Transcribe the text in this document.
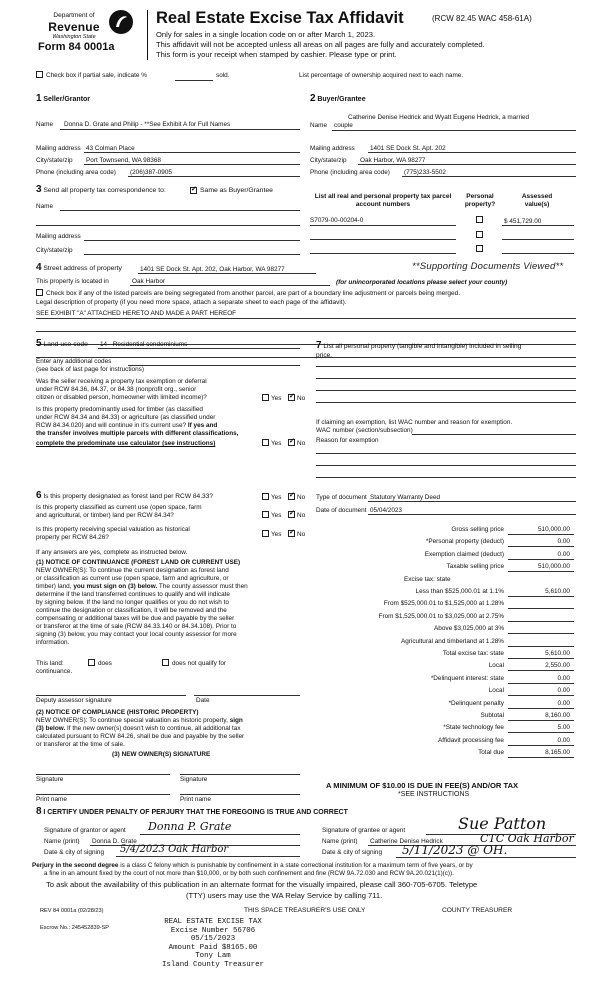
Department of
Revenue
Washington State
Form 84 0001a
Real Estate Excise Tax Affidavit	(RCW 82.45 WAC 458-61A)
Only for sales in a single location code on or after March 1, 2023.
This affidavit will not be accepted unless all areas on all pages are fully and accurately completed.
This form is your receipt when stamped by cashier. Please type or print.
Check box if partial sale, indicate %	sold.	List percentage of ownership acquired next to each name.
1 Seller/Grantor
Name Donna D. Grate and Philip - **See Exhibit A for Full Names
Mailing address 43 Colman Place
City/state/zip Port Townsend, WA 98368
Phone (including area code) (206)387-0905
2 Buyer/Grantee
Catherine Denise Hedrick and Wyatt Eugene Hedrick, a married
Name couple
Mailing address 1401 SE Dock St. Apt. 202
City/state/zip Oak Harbor, WA 98277
Phone (including area code) (775)233-5502
3 Send all property tax correspondence to: ✓	Same as Buyer/Grantee
Name
Mailing address
City/state/zip
List all real and personal property tax parcel account numbers
Personal property?
Assessed value(s)
S7079-00-00204-0	$ 451,729.00
4 Street address of property	1401 SE Dock St. Apt. 202, Oak Harbor, WA 98277	**Supporting Documents Viewed**
This property is located in	Oak Harbor	(for unincorporated locations please select your county)
Check box if any of the listed parcels are being segregated from another parcel, are part of a boundary line adjustment or parcels being merged.
Legal description of property (if you need more space, attach a separate sheet to each page of the affidavit).
SEE EXHIBIT "A" ATTACHED HERETO AND MADE A PART HEREOF
5 Land use code 14 - Residential condominiums
Enter any additional codes
(see back of last page for instructions)
Was the seller receiving a property tax exemption or deferral
under RCW 84.36, 84.37, or 84.38 (nonprofit org., senior
citizen or disabled person, homeowner with limited income)?	Yes ✓ No
Is this property predominantly used for timber (as classified
under RCW 84.34 and 84.33) or agriculture (as classified under
RCW 84.34.020) and will continue in it's current use? If yes and
the transfer involves multiple parcels with different classifications,
complete the predominate use calculator (see instructions)	Yes ✓ No
7 List all personal property (tangible and intangible) included in selling
price.
If claiming an exemption, list WAC number and reason for exemption.
WAC number (section/subsection)
Reason for exemption
6 Is this property designated as forest land per RCW 84.33?	Yes ✓ No
Is this property classified as current use (open space, farm
and agricultural, or timber) land per RCW 84.34?	Yes ✓ No
Is this property receiving special valuation as historical
property per RCW 84.26?	Yes ✓ No
If any answers are yes, complete as instructed below.
(1) NOTICE OF CONTINUANCE (FOREST LAND OR CURRENT USE)
NEW OWNER(S): To continue the current designation as forest land
or classification as current use (open space, farm and agriculture, or
timber) land, you must sign on (3) below. The county assessor must then
determine if the land transferred continues to qualify and will indicate
by signing below. If the land no longer qualifies or you do not wish to
continue the designation or classification, it will be removed and the
compensating or additional taxes will be due and payable by the seller
or transferor at the time of sale (RCW 84.33.140 or 84.34.108). Prior to
signing (3) below, you may contact your local county assessor for more
information.
This land:	does	does not qualify for
continuance.
Deputy assessor signature	Date
(2) NOTICE OF COMPLIANCE (HISTORIC PROPERTY)
NEW OWNER(S): To continue special valuation as historic property, sign
(3) below. If the new owner(s) doesn't wish to continue, all additional tax
calculated pursuant to RCW 84.26, shall be due and payable by the seller
or transferor at the time of sale.
(3) NEW OWNER(S) SIGNATURE
Signature	Signature
Print name	Print name
Type of document Statutory Warranty Deed
Date of document 05/04/2023
Gross selling price	510,000.00
*Personal property (deduct)	0.00
Exemption claimed (deduct)	0.00
Taxable selling price	510,000.00
Excise tax: state
Less than $525,000.01 at 1.1%	5,610.00
From $525,000.01 to $1,525,000 at 1.28%
From $1,525,000.01 to $3,025,000 at 2.75%
Above $3,025,000 at 3%
Agricultural and timberland at 1.28%
Total excise tax: state	5,610.00
Local	2,550.00
*Delinquent interest: state	0.00
Local	0.00
*Delinquent penalty	0.00
Subtotal	8,160.00
*State technology fee	5.00
Affidavit processing fee	0.00
Total due	8,165.00
A MINIMUM OF $10.00 IS DUE IN FEE(S) AND/OR TAX
*SEE INSTRUCTIONS
8 I CERTIFY UNDER PENALTY OF PERJURY THAT THE FOREGOING IS TRUE AND CORRECT
Signature of grantor or agent Donna P. Grate
Name (print) Donna D. Grate
Date & city of signing 5/4/2023 Oak Harbor
Signature of grantee or agent	Sue Patton
Name (print) Catherine Denise Hedrick	CTC Oak Harbor
Date & city of signing 5/11/2023 @ OH.
Perjury in the second degree is a class C felony which is punishable by confinement in a state correctional institution for a maximum term of five years, or by
a fine in an amount fixed by the court of not more than $10,000, or by both such confinement and fine (RCW 9A.72.030 and RCW 9A.20.021(1)(c)).
To ask about the availability of this publication in an alternate format for the visually impaired, please call 360-705-6705. Teletype
(TTY) users may use the WA Relay Service by calling 711.
REV 84 0001a (02/28/23)	THIS SPACE TREASURER'S USE ONLY	COUNTY TREASURER
Escrow No.: 245452839-SP
REAL ESTATE EXCISE TAX
Excise Number 56706
05/15/2023
Amount Paid $8165.00
Tony Lam
Island County Treasurer
